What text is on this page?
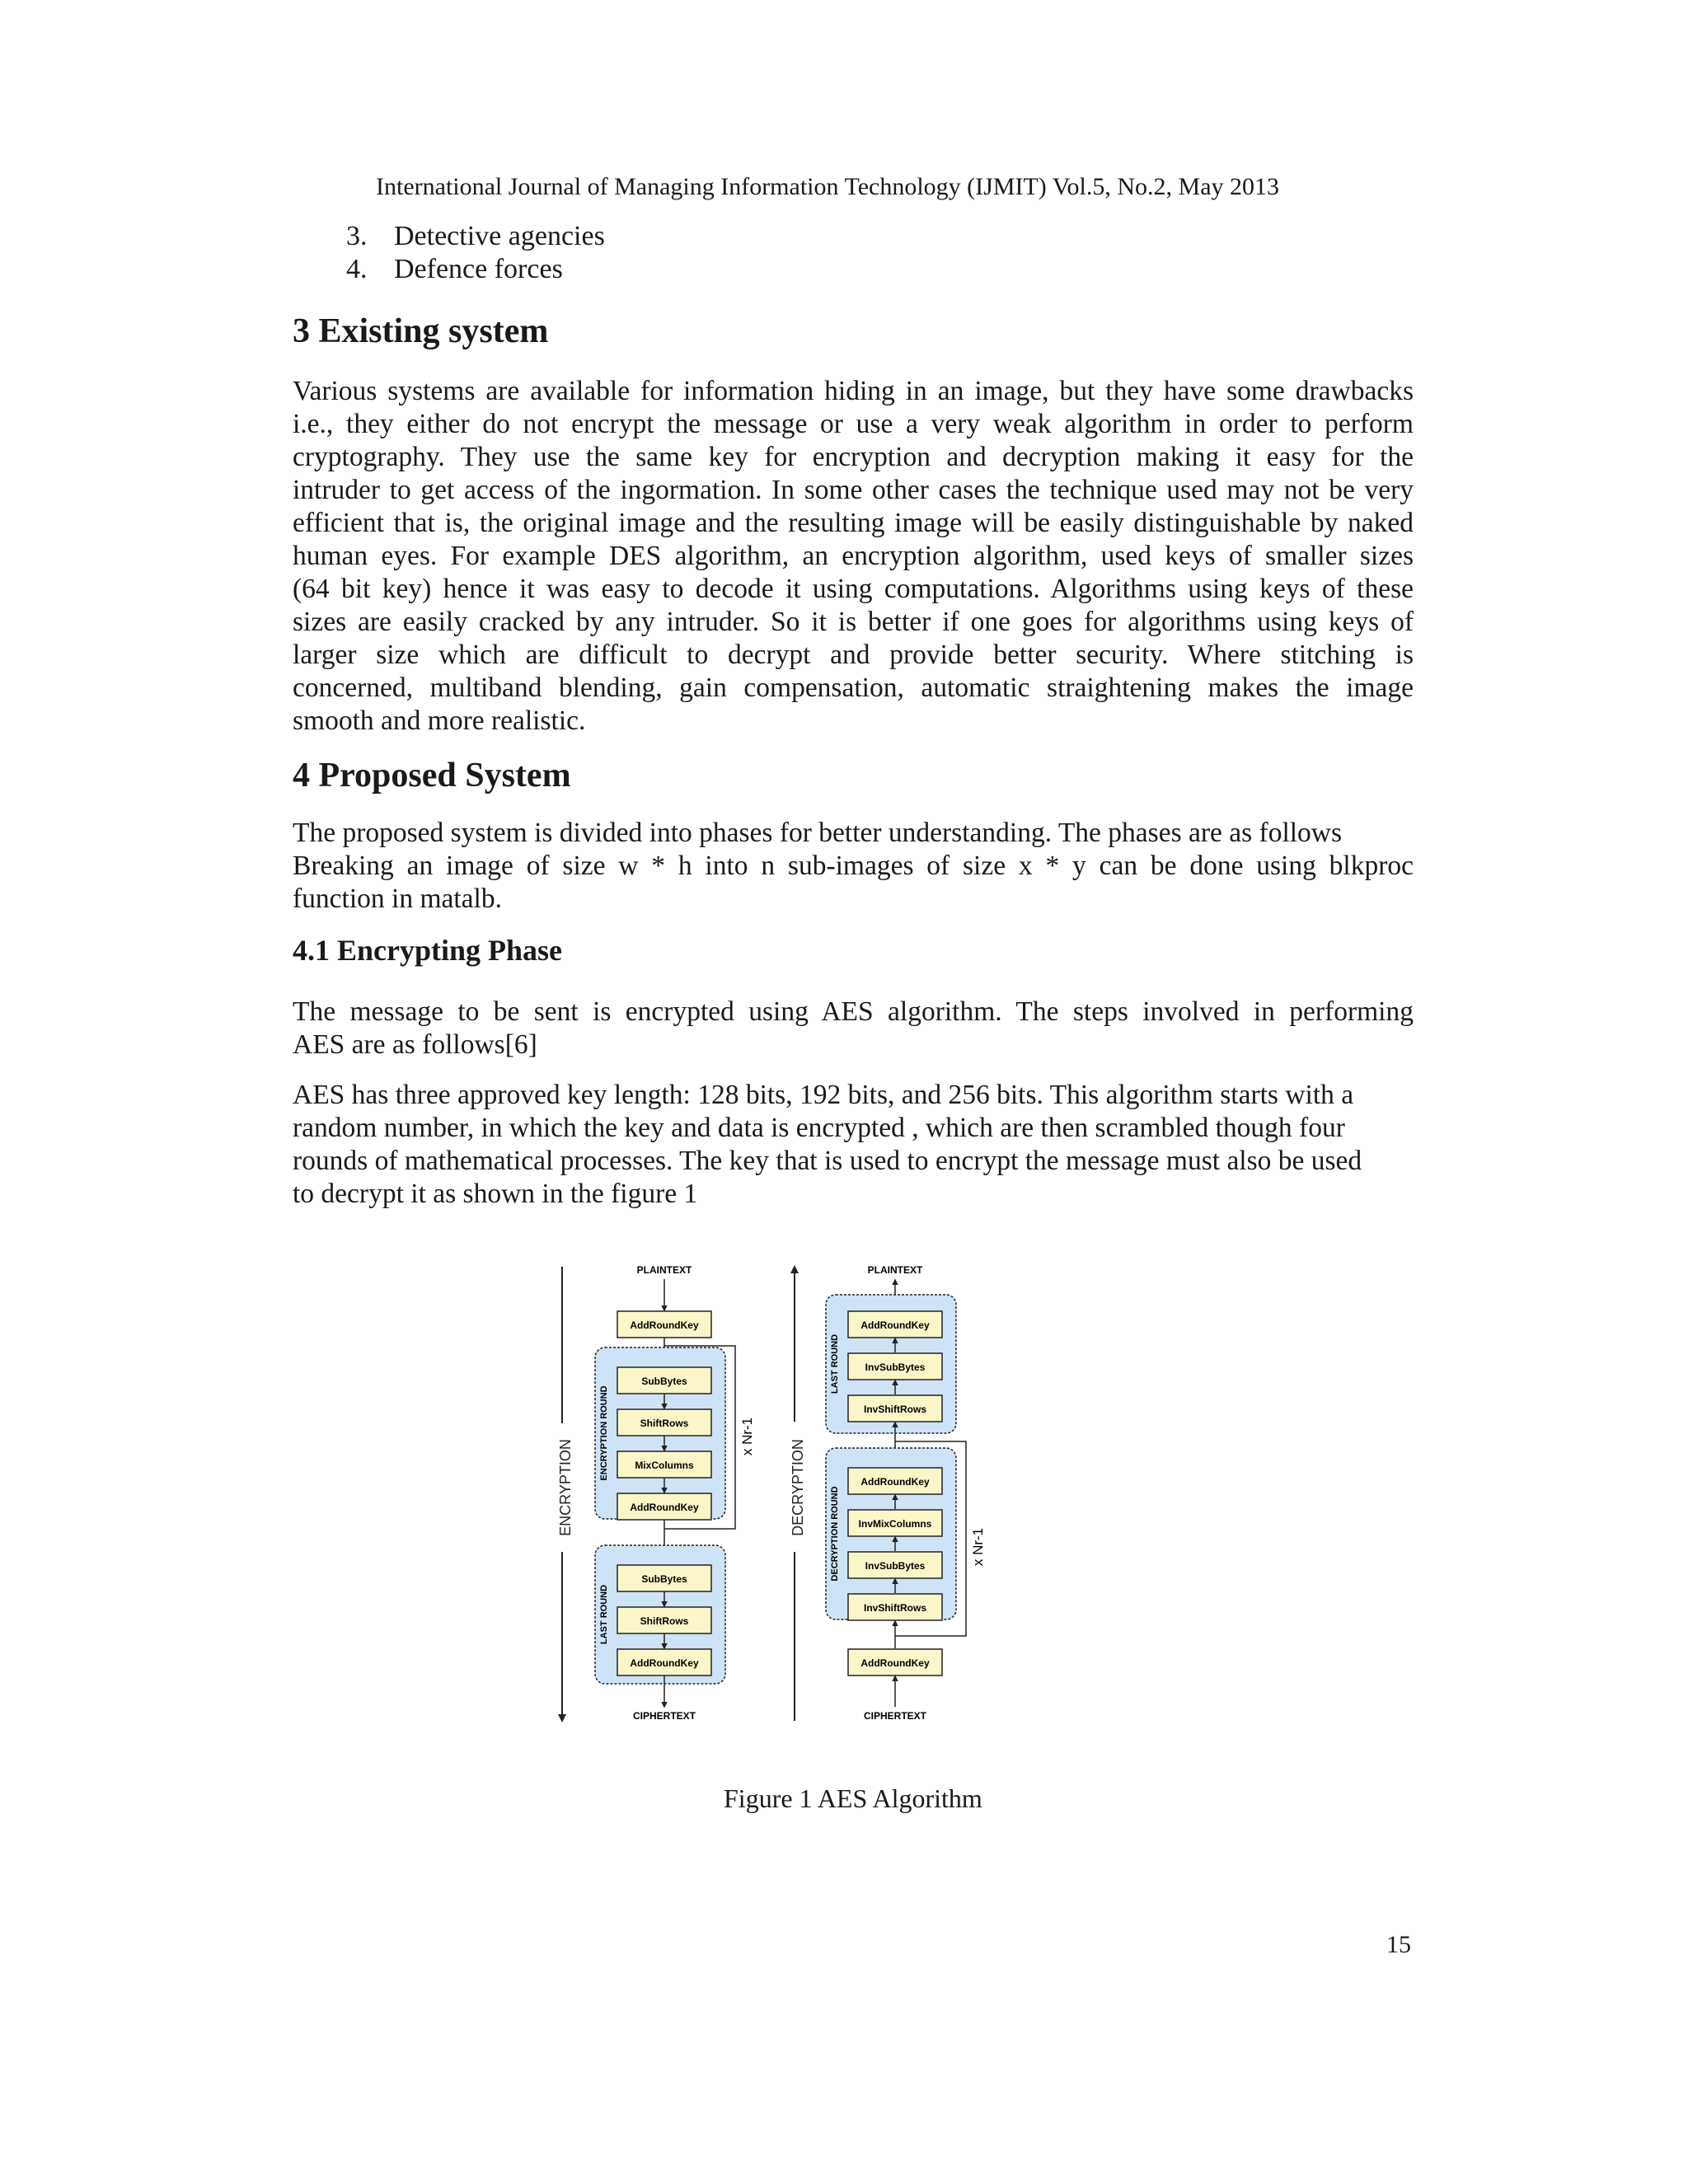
International Journal of Managing Information Technology (IJMIT) Vol.5, No.2, May 2013
3. Detective agencies
4. Defence forces
3 Existing system
Various systems are available for information hiding in an image, but they have some drawbacks
i.e., they either do not encrypt the message or use a very weak algorithm in order to perform
cryptography. They use the same key for encryption and decryption making it easy for the
intruder to get access of the ingormation. In some other cases the technique used may not be very
efficient that is, the original image and the resulting image will be easily distinguishable by naked
human eyes. For example DES algorithm, an encryption algorithm, used keys of smaller sizes
(64 bit key) hence it was easy to decode it using computations. Algorithms using keys of these
sizes are easily cracked by any intruder. So it is better if one goes for algorithms using keys of
larger size which are difficult to decrypt and provide better security. Where stitching is
concerned, multiband blending, gain compensation, automatic straightening makes the image
smooth and more realistic.
4 Proposed System
The proposed system is divided into phases for better understanding. The phases are as follows
Breaking an image of size w * h into n sub-images of size x * y can be done using blkproc
function in matalb.
4.1 Encrypting Phase
The message to be sent is encrypted using AES algorithm. The steps involved in performing
AES are as follows[6]
AES has three approved key length: 128 bits, 192 bits, and 256 bits. This algorithm starts with a
random number, in which the key and data is encrypted , which are then scrambled though four
rounds of mathematical processes. The key that is used to encrypt the message must also be used
to decrypt it as shown in the figure 1
ENCRYPTION
PLAINTEXT
AddRoundKey
ENCRYPTION ROUND
SubBytes
ShiftRows
MixColumns
AddRoundKey
x Nr-1
LAST ROUND
SubBytes
ShiftRows
AddRoundKey
CIPHERTEXT
DECRYPTION
PLAINTEXT
LAST ROUND
AddRoundKey
InvSubBytes
InvShiftRows
DECRYPTION ROUND
AddRoundKey
InvMixColumns
InvSubBytes
InvShiftRows
x Nr-1
AddRoundKey
CIPHERTEXT
Figure 1 AES Algorithm
15
